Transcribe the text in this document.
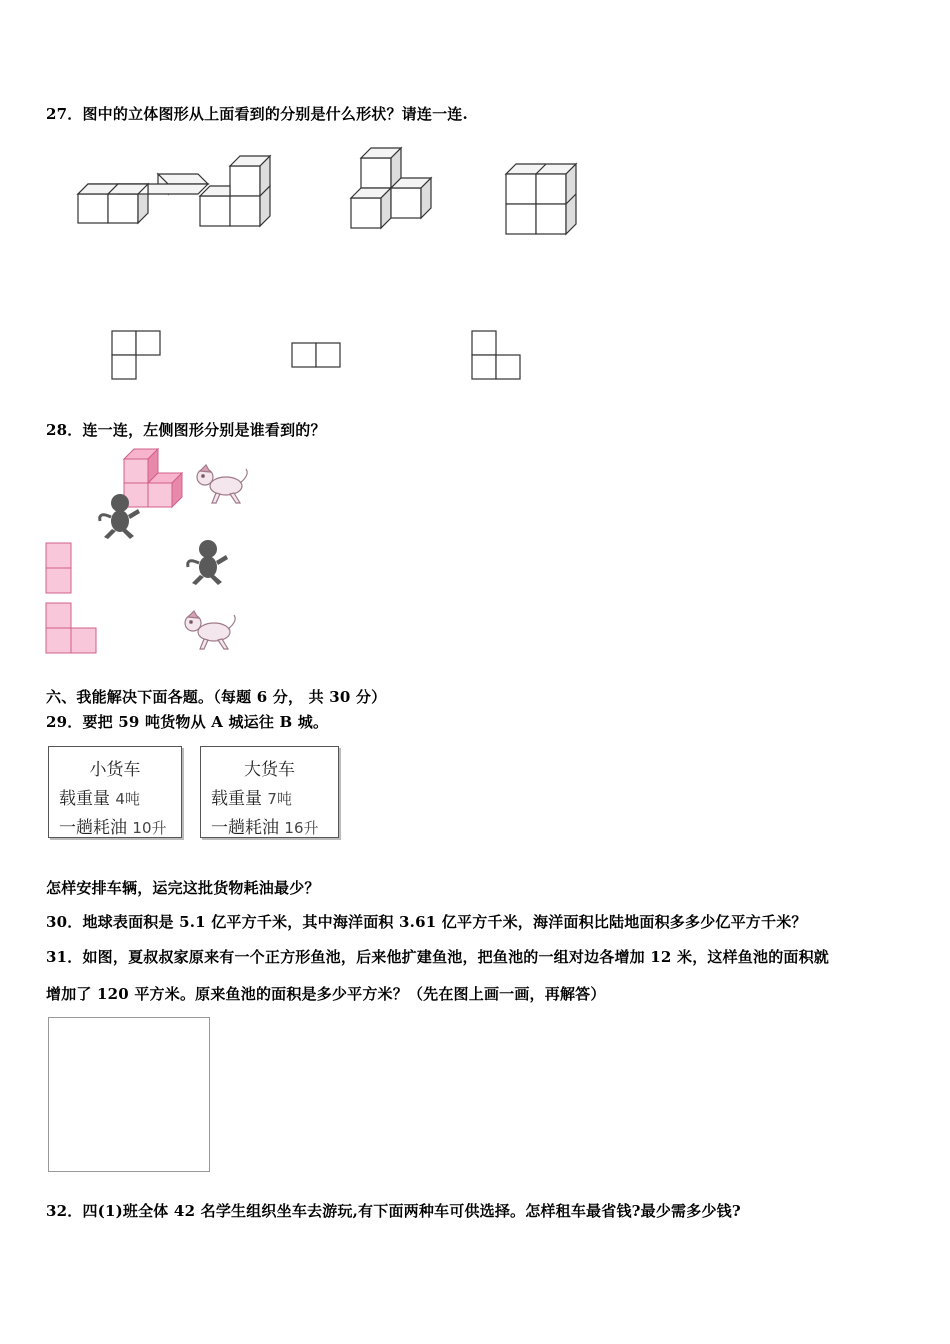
27．图中的立体图形从上面看到的分别是什么形状？请连一连.
28．连一连，左侧图形分别是谁看到的？
六、我能解决下面各题。（每题 6 分， 共 30 分）
29．要把 59 吨货物从 A 城运往 B 城。
小货车
载重量 4吨
一趟耗油 10升
大货车
载重量 7吨
一趟耗油 16升
怎样安排车辆，运完这批货物耗油最少？
30．地球表面积是 5.1 亿平方千米，其中海洋面积 3.61 亿平方千米，海洋面积比陆地面积多多少亿平方千米？
31．如图，夏叔叔家原来有一个正方形鱼池，后来他扩建鱼池，把鱼池的一组对边各增加 12 米，这样鱼池的面积就
增加了 120 平方米。原来鱼池的面积是多少平方米？（先在图上画一画，再解答）
32．四(1)班全体 42 名学生组织坐车去游玩,有下面两种车可供选择。怎样租车最省钱?最少需多少钱?
